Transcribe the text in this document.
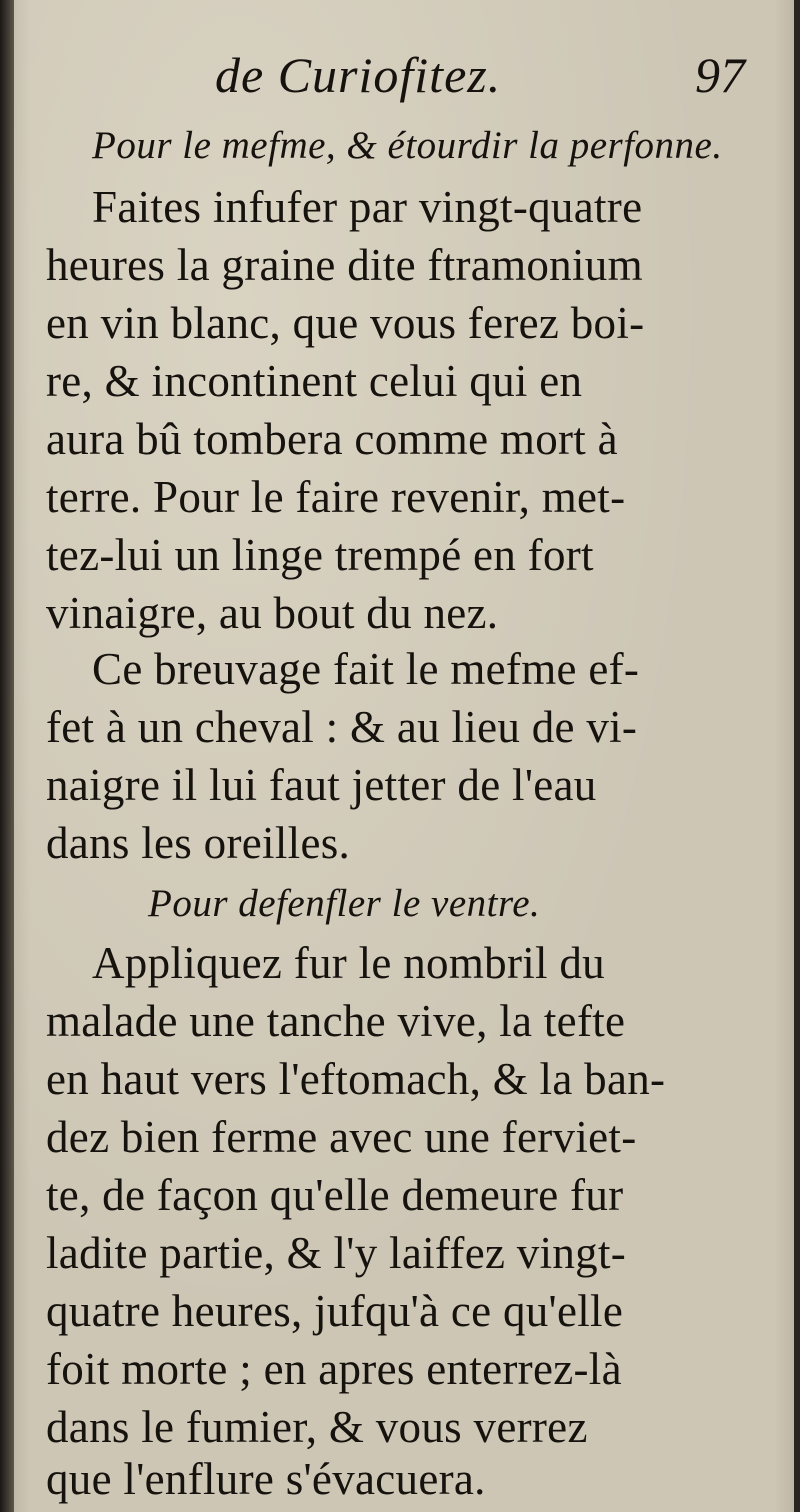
de Curiofitez.	97
Pour le mefme, & étourdir la perfonne.
Faites infufer par vingt-quatre
heures la graine dite ftramonium
en vin blanc, que vous ferez boi-
re, & incontinent celui qui en
aura bû tombera comme mort à
terre. Pour le faire revenir, met-
tez-lui un linge trempé en fort
vinaigre, au bout du nez.
Ce breuvage fait le mefme ef-
fet à un cheval : & au lieu de vi-
naigre il lui faut jetter de l'eau
dans les oreilles.
Pour defenfler le ventre.
Appliquez fur le nombril du
malade une tanche vive, la tefte
en haut vers l'eftomach, & la ban-
dez bien ferme avec une ferviet-
te, de façon qu'elle demeure fur
ladite partie, & l'y laiffez vingt-
quatre heures, jufqu'à ce qu'elle
foit morte ; en apres enterrez-là
dans le fumier, & vous verrez
que l'enflure s'évacuera.
